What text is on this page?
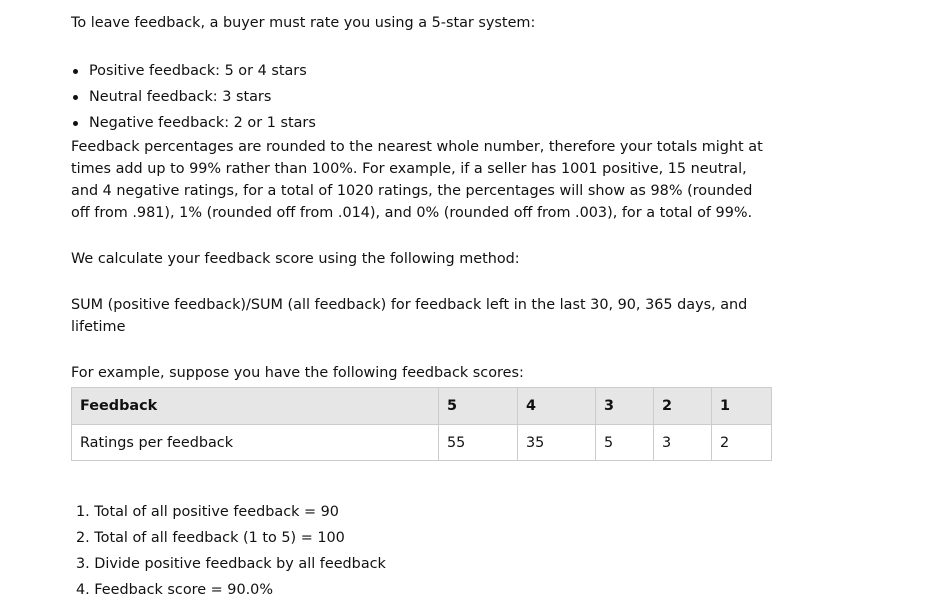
To leave feedback, a buyer must rate you using a 5-star system:

Positive feedback: 5 or 4 stars
Neutral feedback: 3 stars
Negative feedback: 2 or 1 stars

Feedback percentages are rounded to the nearest whole number, therefore your totals might at times add up to 99% rather than 100%. For example, if a seller has 1001 positive, 15 neutral, and 4 negative ratings, for a total of 1020 ratings, the percentages will show as 98% (rounded off from .981), 1% (rounded off from .014), and 0% (rounded off from .003), for a total of 99%.

We calculate your feedback score using the following method:

SUM (positive feedback)/SUM (all feedback) for feedback left in the last 30, 90, 365 days, and lifetime

For example, suppose you have the following feedback scores:

Feedback	5	4	3	2	1
Ratings per feedback	55	35	5	3	2
1. Total of all positive feedback = 90
2. Total of all feedback (1 to 5) = 100
3. Divide positive feedback by all feedback
4. Feedback score = 90.0%
